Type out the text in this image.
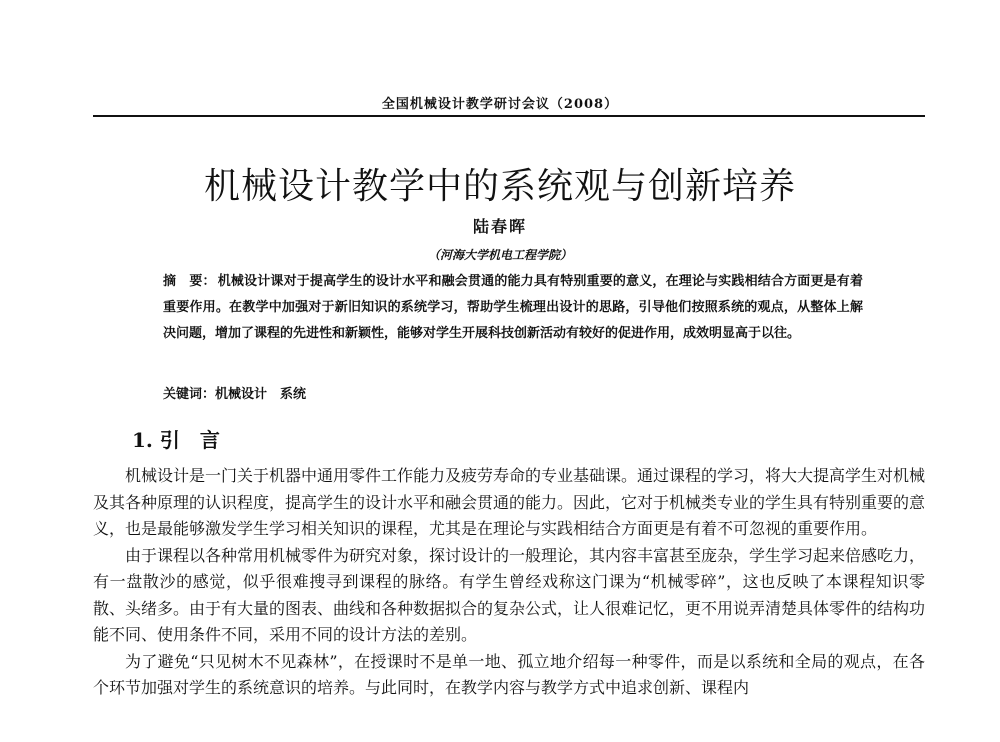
全国机械设计教学研讨会议（2008）
机械设计教学中的系统观与创新培养
陆春晖
（河海大学机电工程学院）
摘　要： 机械设计课对于提高学生的设计水平和融会贯通的能力具有特别重要的意义，在理论与实践相结合方面更是有着重要作用。在教学中加强对于新旧知识的系统学习，帮助学生梳理出设计的思路，引导他们按照系统的观点，从整体上解决问题，增加了课程的先进性和新颖性，能够对学生开展科技创新活动有较好的促进作用，成效明显高于以往。
关键词：机械设计　系统
1. 引　言

机械设计是一门关于机器中通用零件工作能力及疲劳寿命的专业基础课。通过课程的学习，将大大提高学生对机械及其各种原理的认识程度，提高学生的设计水平和融会贯通的能力。因此，它对于机械类专业的学生具有特别重要的意义，也是最能够激发学生学习相关知识的课程，尤其是在理论与实践相结合方面更是有着不可忽视的重要作用。

由于课程以各种常用机械零件为研究对象，探讨设计的一般理论，其内容丰富甚至庞杂，学生学习起来倍感吃力，有一盘散沙的感觉，似乎很难搜寻到课程的脉络。有学生曾经戏称这门课为“机械零碎”，这也反映了本课程知识零散、头绪多。由于有大量的图表、曲线和各种数据拟合的复杂公式，让人很难记忆，更不用说弄清楚具体零件的结构功能不同、使用条件不同，采用不同的设计方法的差别。

为了避免“只见树木不见森林”，在授课时不是单一地、孤立地介绍每一种零件，而是以系统和全局的观点，在各个环节加强对学生的系统意识的培养。与此同时，在教学内容与教学方式中追求创新、课程内
